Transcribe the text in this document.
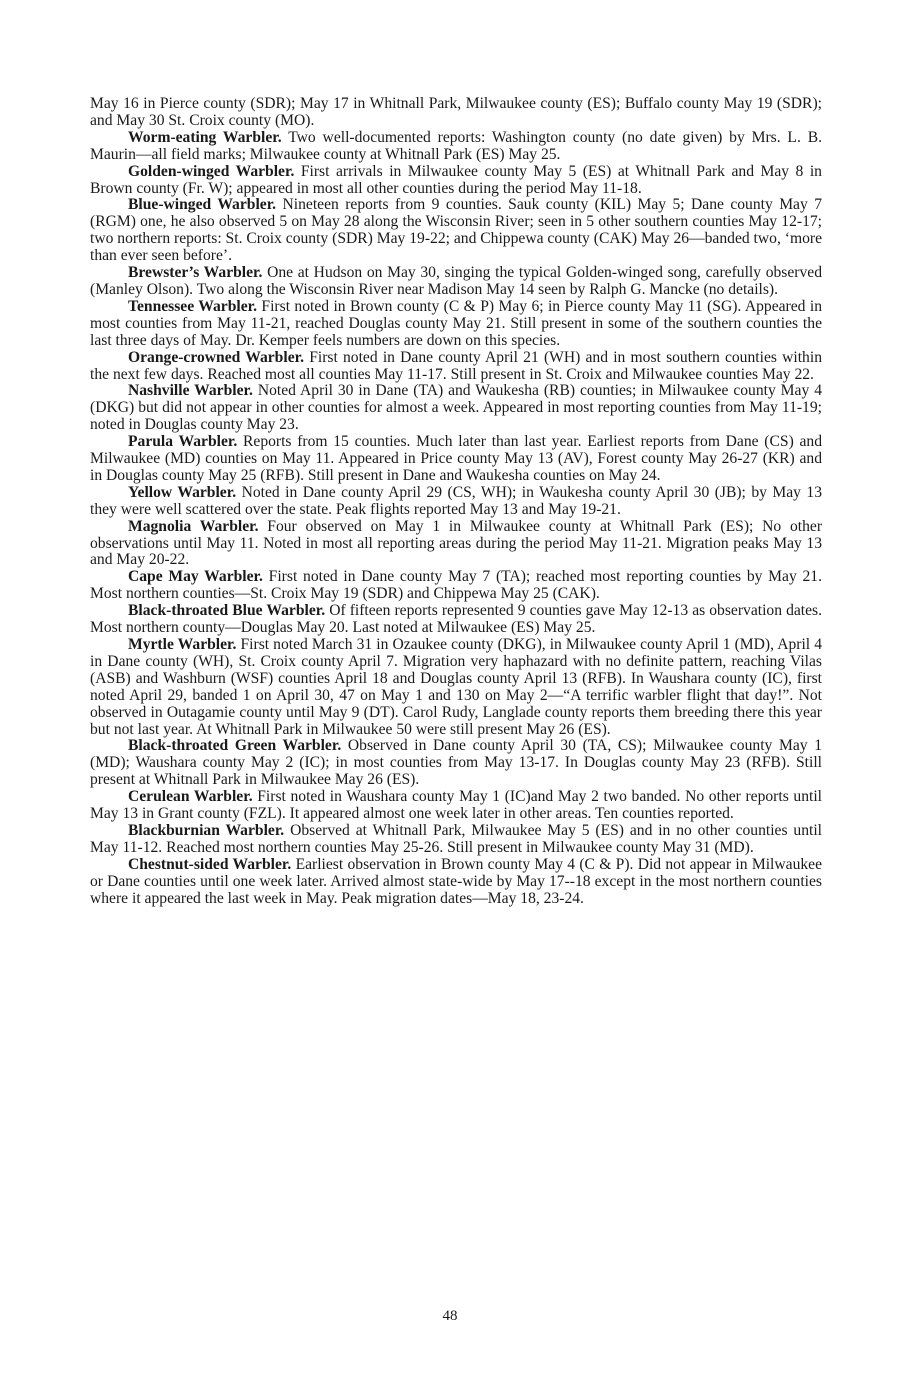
May 16 in Pierce county (SDR); May 17 in Whitnall Park, Milwaukee county (ES); Buffalo county May 19 (SDR); and May 30 St. Croix county (MO).

Worm-eating Warbler. Two well-documented reports: Washington county (no date given) by Mrs. L. B. Maurin—all field marks; Milwaukee county at Whitnall Park (ES) May 25.

Golden-winged Warbler. First arrivals in Milwaukee county May 5 (ES) at Whitnall Park and May 8 in Brown county (Fr. W); appeared in most all other counties during the period May 11-18.

Blue-winged Warbler. Nineteen reports from 9 counties. Sauk county (KIL) May 5; Dane county May 7 (RGM) one, he also observed 5 on May 28 along the Wisconsin River; seen in 5 other southern counties May 12-17; two northern reports: St. Croix county (SDR) May 19-22; and Chippewa county (CAK) May 26—banded two, ‘more than ever seen before’.

Brewster’s Warbler. One at Hudson on May 30, singing the typical Golden-winged song, carefully observed (Manley Olson). Two along the Wisconsin River near Madison May 14 seen by Ralph G. Mancke (no details).

Tennessee Warbler. First noted in Brown county (C & P) May 6; in Pierce county May 11 (SG). Appeared in most counties from May 11-21, reached Douglas county May 21. Still present in some of the southern counties the last three days of May. Dr. Kemper feels numbers are down on this species.

Orange-crowned Warbler. First noted in Dane county April 21 (WH) and in most southern counties within the next few days. Reached most all counties May 11-17. Still present in St. Croix and Milwaukee counties May 22.

Nashville Warbler. Noted April 30 in Dane (TA) and Waukesha (RB) counties; in Milwaukee county May 4 (DKG) but did not appear in other counties for almost a week. Appeared in most reporting counties from May 11-19; noted in Douglas county May 23.

Parula Warbler. Reports from 15 counties. Much later than last year. Earliest reports from Dane (CS) and Milwaukee (MD) counties on May 11. Appeared in Price county May 13 (AV), Forest county May 26-27 (KR) and in Douglas county May 25 (RFB). Still present in Dane and Waukesha counties on May 24.

Yellow Warbler. Noted in Dane county April 29 (CS, WH); in Waukesha county April 30 (JB); by May 13 they were well scattered over the state. Peak flights reported May 13 and May 19-21.

Magnolia Warbler. Four observed on May 1 in Milwaukee county at Whitnall Park (ES); No other observations until May 11. Noted in most all reporting areas during the period May 11-21. Migration peaks May 13 and May 20-22.

Cape May Warbler. First noted in Dane county May 7 (TA); reached most reporting counties by May 21. Most northern counties—St. Croix May 19 (SDR) and Chippewa May 25 (CAK).

Black-throated Blue Warbler. Of fifteen reports represented 9 counties gave May 12-13 as observation dates. Most northern county—Douglas May 20. Last noted at Milwaukee (ES) May 25.

Myrtle Warbler. First noted March 31 in Ozaukee county (DKG), in Milwaukee county April 1 (MD), April 4 in Dane county (WH), St. Croix county April 7. Migration very haphazard with no definite pattern, reaching Vilas (ASB) and Washburn (WSF) counties April 18 and Douglas county April 13 (RFB). In Waushara county (IC), first noted April 29, banded 1 on April 30, 47 on May 1 and 130 on May 2—“A terrific warbler flight that day!”. Not observed in Outagamie county until May 9 (DT). Carol Rudy, Langlade county reports them breeding there this year but not last year. At Whitnall Park in Milwaukee 50 were still present May 26 (ES).

Black-throated Green Warbler. Observed in Dane county April 30 (TA, CS); Milwaukee county May 1 (MD); Waushara county May 2 (IC); in most counties from May 13-17. In Douglas county May 23 (RFB). Still present at Whitnall Park in Milwaukee May 26 (ES).

Cerulean Warbler. First noted in Waushara county May 1 (IC)and May 2 two banded. No other reports until May 13 in Grant county (FZL). It appeared almost one week later in other areas. Ten counties reported.

Blackburnian Warbler. Observed at Whitnall Park, Milwaukee May 5 (ES) and in no other counties until May 11-12. Reached most northern counties May 25-26. Still present in Milwaukee county May 31 (MD).

Chestnut-sided Warbler. Earliest observation in Brown county May 4 (C & P). Did not appear in Milwaukee or Dane counties until one week later. Arrived almost state-wide by May 17--18 except in the most northern counties where it appeared the last week in May. Peak migration dates—May 18, 23-24.

48
